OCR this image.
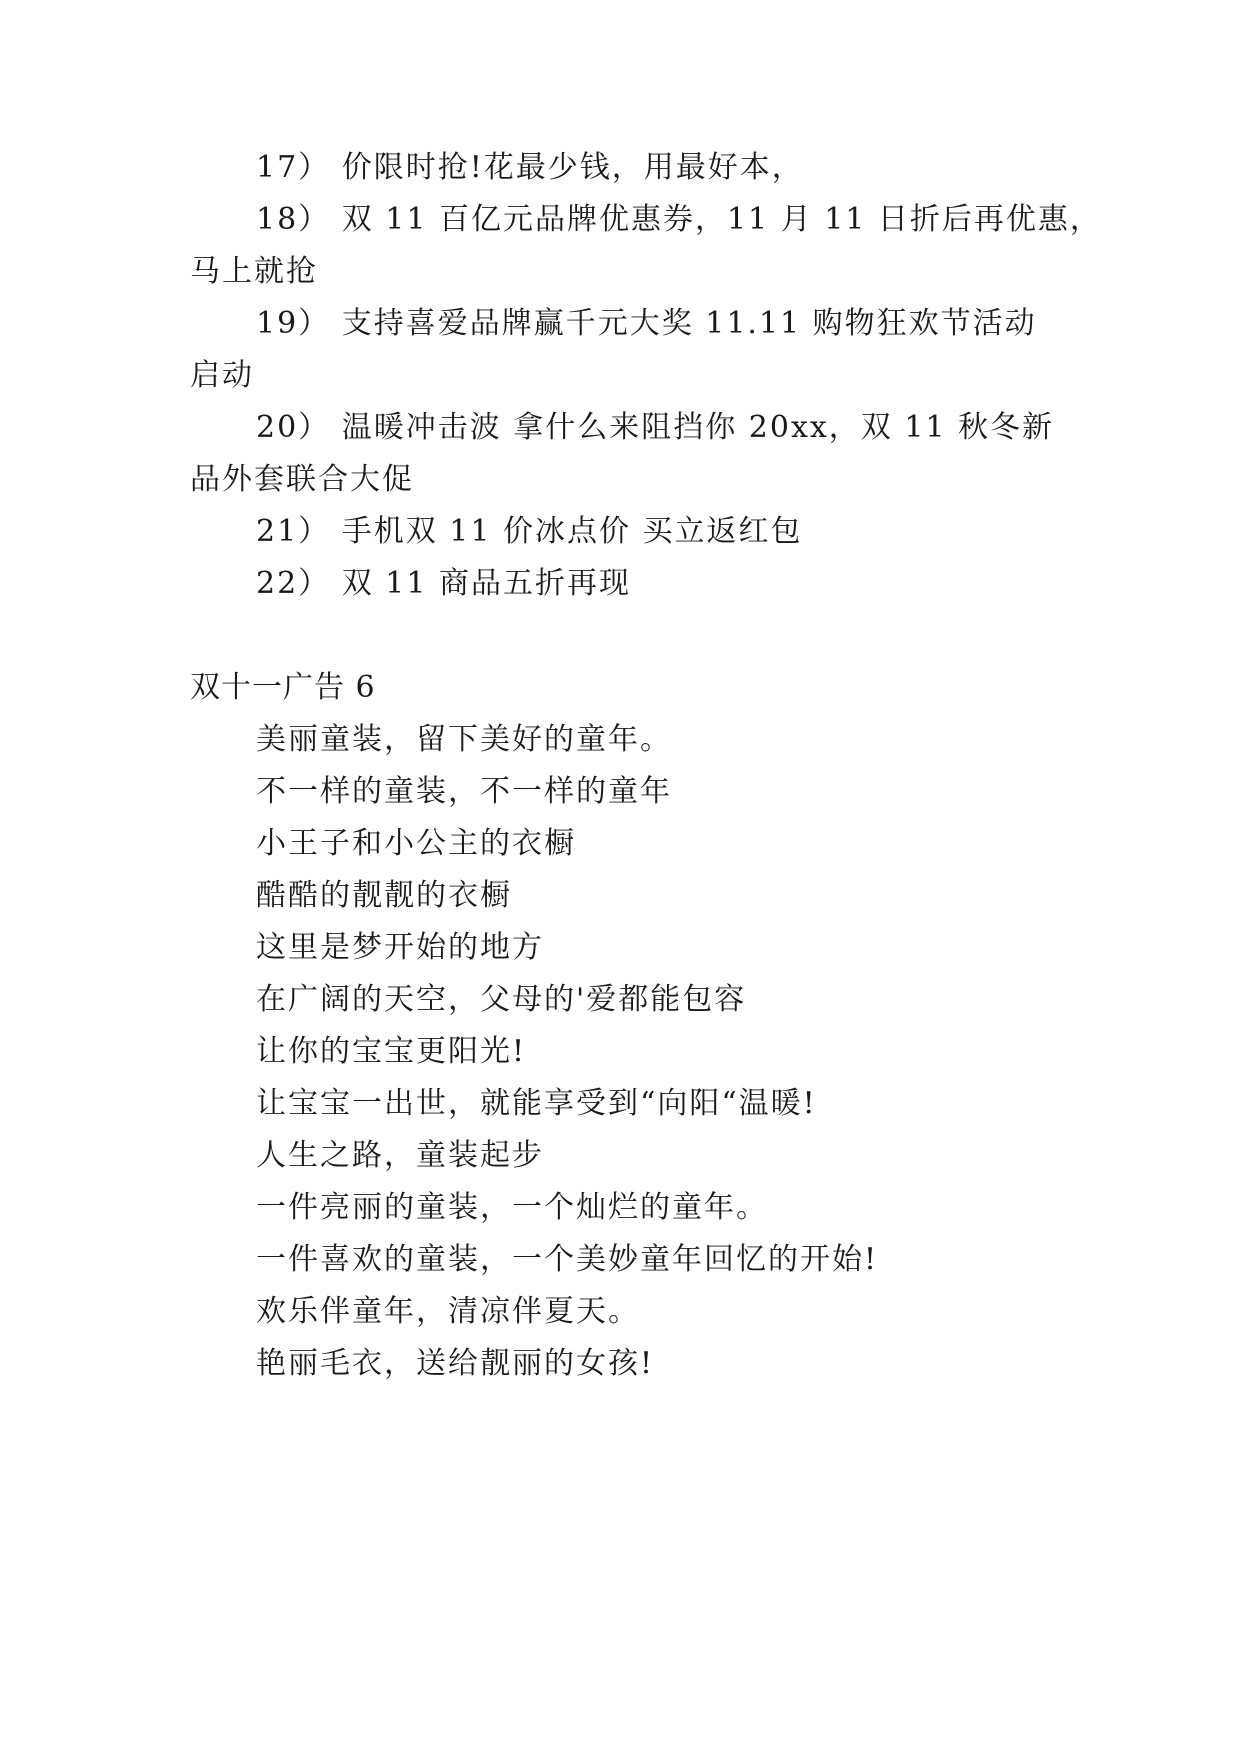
17） 价限时抢!花最少钱，用最好本，
18） 双 11 百亿元品牌优惠券，11 月 11 日折后再优惠，
马上就抢
19） 支持喜爱品牌赢千元大奖 11.11 购物狂欢节活动
启动
20） 温暖冲击波 拿什么来阻挡你 20xx，双 11 秋冬新
品外套联合大促
21） 手机双 11 价冰点价 买立返红包
22） 双 11 商品五折再现
双十一广告 6
美丽童装，留下美好的童年。
不一样的童装，不一样的童年
小王子和小公主的衣橱
酷酷的靓靓的衣橱
这里是梦开始的地方
在广阔的天空，父母的'爱都能包容
让你的宝宝更阳光!
让宝宝一出世，就能享受到“向阳“温暖!
人生之路，童装起步
一件亮丽的童装，一个灿烂的童年。
一件喜欢的童装，一个美妙童年回忆的开始!
欢乐伴童年，清凉伴夏天。
艳丽毛衣，送给靓丽的女孩!
